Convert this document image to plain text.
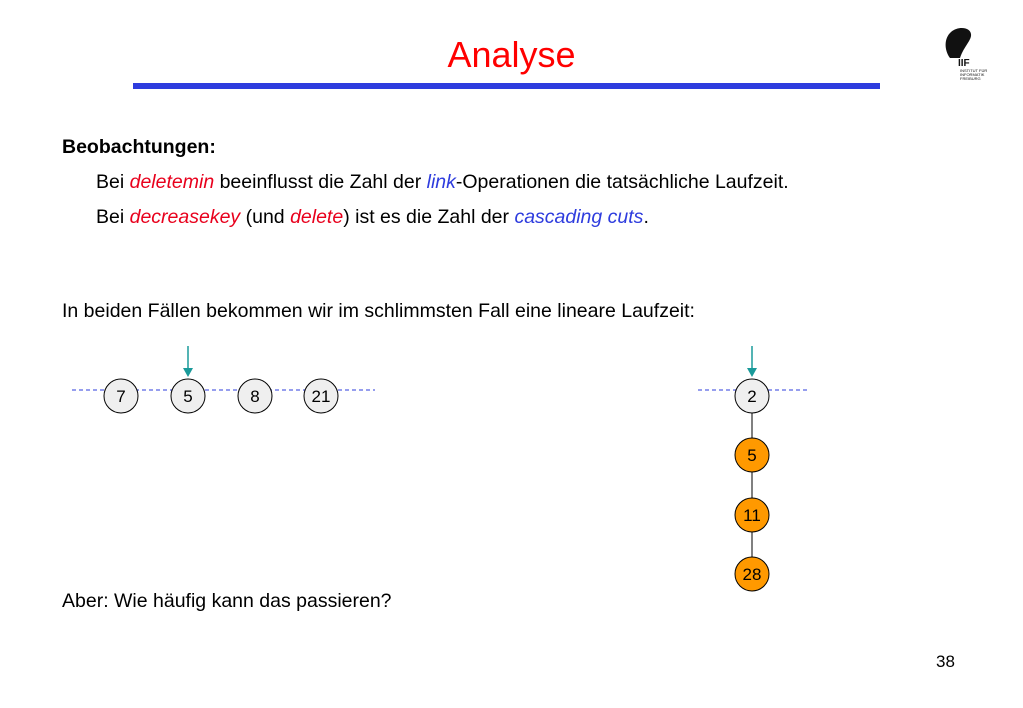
Analyse	IIF
INSTITUT FÜR
INFORMATIK
FREIBURG
Beobachtungen:
Bei deletemin beeinflusst die Zahl der link-Operationen die tatsächliche Laufzeit.
Bei decreasekey (und delete) ist es die Zahl der cascading cuts.
In beiden Fällen bekommen wir im schlimmsten Fall eine lineare Laufzeit:
7	5	8	21	2
5
11
28
Aber: Wie häufig kann das passieren?
38
